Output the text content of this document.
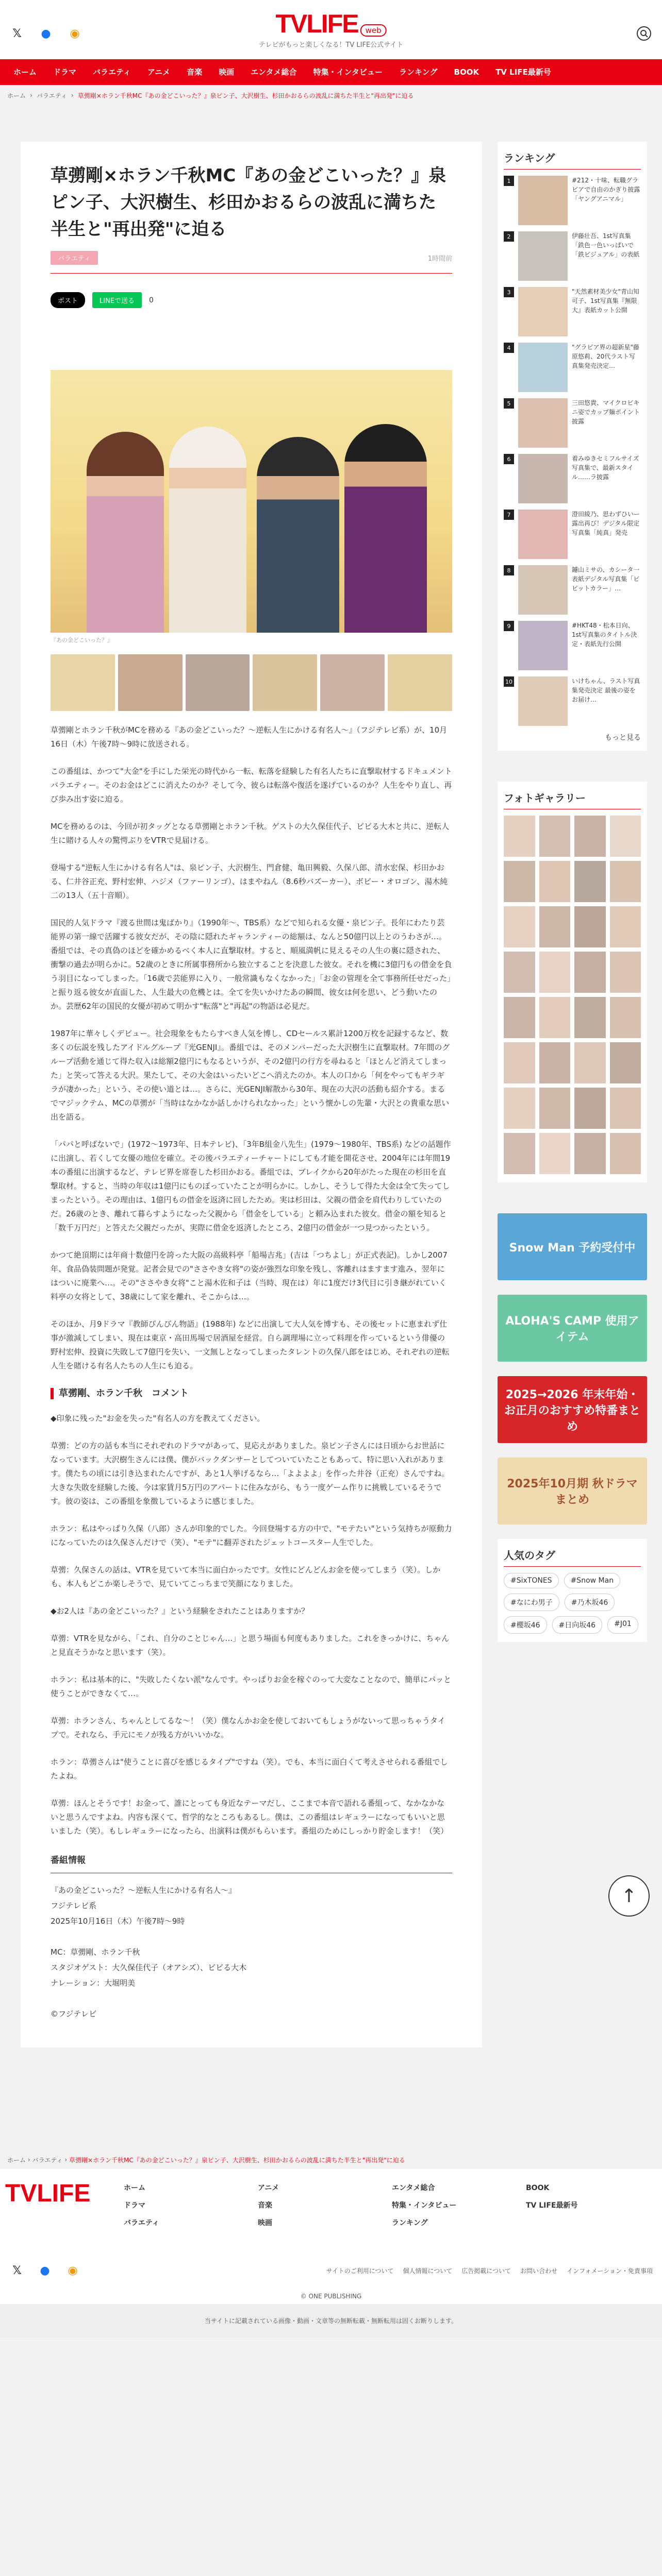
𝕏 ● ◉	TVLIFE web
テレビがもっと楽しくなる！TV LIFE公式サイト
ホーム	ドラマ	バラエティ	アニメ	音楽	映画	エンタメ総合	特集・インタビュー	ランキング	BOOK	TV LIFE最新号
ホーム › バラエティ › 草彅剛×ホラン千秋MC『あの金どこいった？』泉ピン子、大沢樹生、杉田かおるらの波乱に満ちた半生と"再出発"に迫る
草彅剛×ホラン千秋MC『あの金どこいった？』泉ピン子、大沢樹生、杉田かおるらの波乱に満ちた半生と"再出発"に迫る
バラエティ	1時間前
ポスト	LINEで送る	0
『あの金どこいった？』

草彅剛とホラン千秋がMCを務める『あの金どこいった？〜逆転人生にかける有名人〜』（フジテレビ系）が、10月16日（木）午後7時〜9時に放送される。

この番組は、かつて"大金"を手にした栄光の時代から一転、転落を経験した有名人たちに直撃取材するドキュメントバラエティー。そのお金はどこに消えたのか？そして今、彼らは転落や復活を遂げているのか？人生をやり直し、再び歩み出す姿に迫る。

MCを務めるのは、今回が初タッグとなる草彅剛とホラン千秋。ゲストの大久保佳代子、ビビる大木と共に、逆転人生に賭ける人々の驚愕ぶりをVTRで見届ける。

登場する"逆転人生にかける有名人"は、泉ピン子、大沢樹生、門倉健、亀田興毅、久保八郎、清水宏保、杉田かおる、仁井谷正充、野村宏伸、ハジメ（ファーリンゴ）、はまやねん（8.6秒バズーカー）、ボビー・オロゴン、湯木純二の13人（五十音順）。

国民的人気ドラマ『渡る世間は鬼ばかり』（1990年〜、TBS系）などで知られる女優・泉ピン子。長年にわたり芸能界の第一線で活躍する彼女だが、その陰に隠れたギャランティーの総額は、なんと50億円以上とのうわさが…。番組では、その真偽のほどを確かめるべく本人に直撃取材。すると、順風満帆に見えるその人生の裏に隠された、衝撃の過去が明らかに。52歳のときに所属事務所から独立することを決意した彼女。それを機に3億円もの借金を負う羽目になってしまった。「16歳で芸能界に入り、一般常識もなくなかった」「お金の管理を全て事務所任せだった」と振り返る彼女が直面した、人生最大の危機とは。全てを失いかけたあの瞬間、彼女は何を思い、どう動いたのか。芸歴62年の国民的女優が初めて明かす"転落"と"再起"の物語は必見だ。

1987年に華々しくデビュー。社会現象をもたらすべき人気を博し、CDセールス累計1200万枚を記録するなど、数多くの伝説を残したアイドルグループ『光GENJI』。番組では、そのメンバーだった大沢樹生に直撃取材。7年間のグループ活動を通じて得た収入は総額2億円にもなるというが、その2億円の行方を尋ねると「ほとんど消えてしまった」と笑って答える大沢。果たして、その大金はいったいどこへ消えたのか。本人の口から「何をやってもギラギラが凄かった」という、その使い道とは…。さらに、光GENJI解散から30年、現在の大沢の活動も紹介する。まるでマジックテム、MCの草彅が「当時はなかなか話しかけられなかった」という懐かしの先輩・大沢との貴重な思い出を語る。

「パパと呼ばないで」(1972〜1973年、日本テレビ)、「3年B組金八先生」(1979〜1980年、TBS系) などの話題作に出演し、若くして女優の地位を確立。その後バラエティーチャートにしても才能を開花させ、2004年には年間19本の番組に出演するなど、テレビ界を席巻した杉田かおる。番組では、ブレイクから20年がたった現在の杉田を直撃取材。すると、当時の年収は1億円にものぼっていたことが明らかに。しかし、そうして得た大金は全て失ってしまったという。その理由は、1億円もの借金を返済に回したため。実は杉田は、父親の借金を肩代わりしていたのだ。26歳のとき、離れて暮らすようになった父親から「借金をしている」と頼み込まれた彼女。借金の額を知ると「数千万円だ」と答えた父親だったが、実際に借金を返済したところ、2億円の借金が一つ見つかったという。

かつて絶頂期には年商十数億円を誇った大阪の高級料亭「船場吉兆」(吉は「つちよし」が正式表記)。しかし2007年、食品偽装問題が発覚。記者会見での"ささやき女将"の姿が強烈な印象を残し、客離れはますます進み、翌年にはついに廃業へ…。その"ささやき女将"こと湯木佐和子は（当時、現在は）年に1度だけ3代目に引き継がれていく料亭の女将として、38歳にして家を離れ、そこからは…。

そのほか、月9ドラマ『教師びんびん物語』(1988年) などに出演して大人気を博すも、その後セットに恵まれず仕事が激減してしまい、現在は東京・高田馬場で居酒屋を経営。自ら調理場に立って料理を作っているという俳優の野村宏伸、投資に失敗して7億円を失い、一文無しとなってしまったタレントの久保八郎をはじめ、それぞれの逆転人生を賭ける有名人たちの人生にも迫る。

草彅剛、ホラン千秋　コメント

◆印象に残った"お金を失った"有名人の方を教えてください。

草彅：どの方の話も本当にそれぞれのドラマがあって、見応えがありました。泉ピン子さんには日頃からお世話になっています。大沢樹生さんには僕、僕がバックダンサーとしてついていたこともあって、特に思い入れがあります。僕たちの頃には引き込まれたんですが、あと1人挙げるなら…「よよよよ」を作った井谷（正充）さんですね。大きな失敗を経験した後、今は家賃月5万円のアパートに住みながら、もう一度ゲーム作りに挑戦しているそうです。彼の姿は、この番組を象徴しているように感じました。

ホラン：私はやっぱり久保（八郎）さんが印象的でした。今回登場する方の中で、"モテたい"という気持ちが原動力になっていたのは久保さんだけで（笑）、"モテ"に翻弄されたジェットコースター人生でした。

草彅：久保さんの話は、VTRを見ていて本当に面白かったです。女性にどんどんお金を使ってしまう（笑）。しかも、本人もどこか楽しそうで、見ていてこっちまで笑顔になりました。

◆お2人は『あの金どこいった？』という経験をされたことはありますか？

草彅：VTRを見ながら、「これ、自分のことじゃん…」と思う場面も何度もありました。これをきっかけに、ちゃんと見直そうかなと思います（笑）。

ホラン：私は基本的に、"失敗したくない派"なんです。やっぱりお金を稼ぐのって大変なことなので、簡単にパッと使うことができなくて…。

草彅：ホランさん、ちゃんとしてるな〜！（笑）僕なんかお金を使しておいてもしょうがないって思っちゃうタイプで。それなら、手元にモノが残る方がいいかな。

ホラン：草彅さんは"使うことに喜びを感じるタイプ"ですね（笑）。でも、本当に面白くて考えさせられる番組でしたよね。

草彅：ほんとそうです！お金って、誰にとっても身近なテーマだし、ここまで本音で語れる番組って、なかなかないと思うんですよね。内容も深くて、哲学的なところもあるし。僕は、この番組はレギュラーになってもいいと思いました（笑）。もしレギュラーになったら、出演料は僕がもらいます。番組のためにしっかり貯金します！（笑）

番組情報
『あの金どこいった？〜逆転人生にかける有名人〜』
フジテレビ系
2025年10月16日（木）午後7時〜9時
MC：草彅剛、ホラン千秋
スタジオゲスト：大久保佳代子（オアシズ）、ビビる大木
ナレーション：大堀明美
©フジテレビ
ランキング
1	#212・十味、転職グラビアで自由のかぎり披露「ヤングアニマル」
2	伊藤壮吾、1st写真集「鉄色一色いっぱいで「鉄ビジュアル」の表紙
3	"天然素材美少女"青山知可子、1st写真集『無限大』表紙カット公開
4	"グラビア界の超新星"藤原悠莉、20代ラスト写真集発売決定…
5	三田悠貴、マイクロビキニ姿でカップ麺ポイント披露
6	着みゆきセミフルサイズ写真集で、最新スタイル……ラ披露
7	澄田綾乃、思わずひいー露出再び！デジタル限定写真集「純真」発売
8	鑢山ミサの、カシータ一表紙デジタル写真集「ビビットカラー」…
9	#HKT48・松本日向、1st写真集のタイトル決定・表紙先行公開
10	いけちゃん、ラスト写真集発売決定 最後の姿をお届け…
もっと見る
フォトギャラリー
Snow Man 予約受付中
ALOHA'S CAMP 使用アイテム
2025→2026 年末年始・お正月のおすすめ特番まとめ
2025年10月期 秋ドラマまとめ
人気のタグ
#SixTONES	#Snow Man
#なにわ男子	#乃木坂46
#櫻坂46	#日向坂46	#J01
↑
ホーム › バラエティ › 草彅剛×ホラン千秋MC『あの金どこいった？』泉ピン子、大沢樹生、杉田かおるらの波乱に満ちた半生と"再出発"に迫る
TVLIFE	ホーム
ドラマ
バラエティ
アニメ
音楽
映画
エンタメ総合
特集・インタビュー
ランキング
BOOK
TV LIFE最新号
𝕏 ● ◉	サイトのご利用について 個人情報について 広告掲載について お問い合わせ インフォメーション・免責事項
© ONE PUBLISHING
当サイトに記載されている画像・動画・文章等の無断転載・無断転用は固くお断りします。
